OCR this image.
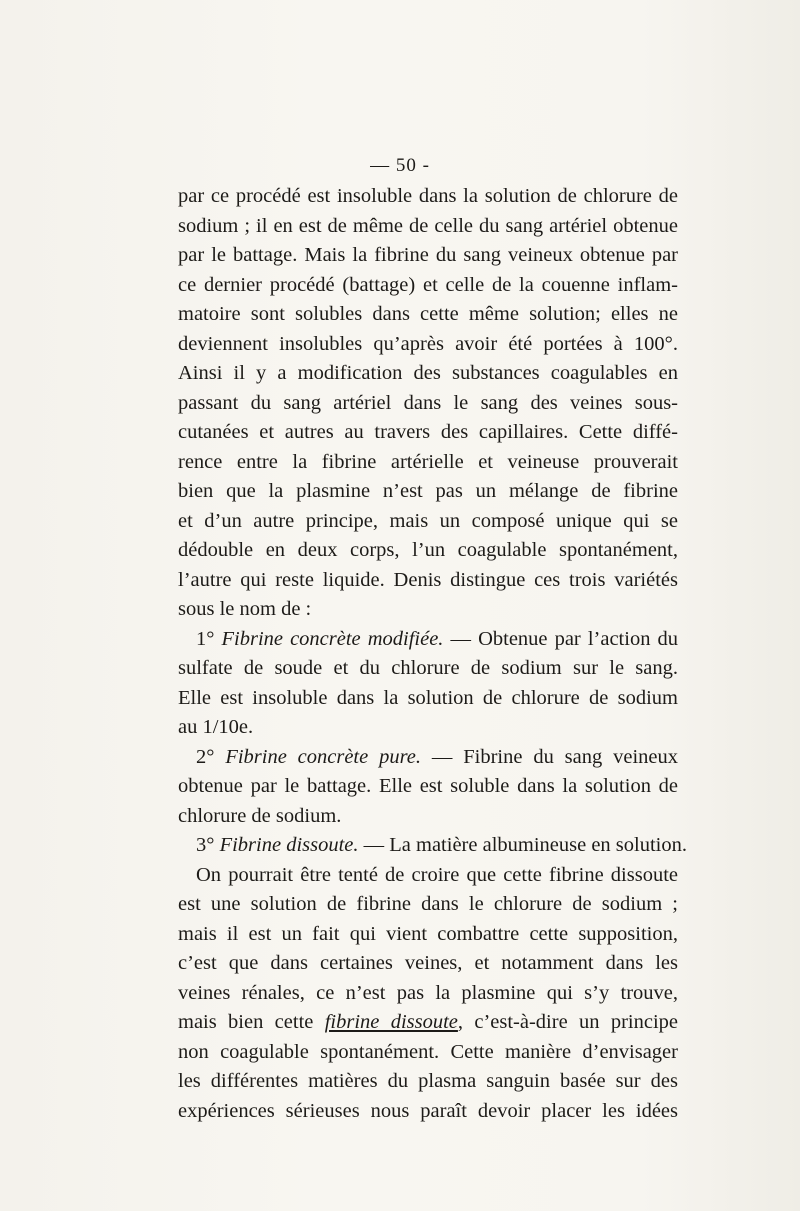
— 50 -
par ce procédé est insoluble dans la solution de chlorure de
sodium ; il en est de même de celle du sang artériel obtenue
par le battage. Mais la fibrine du sang veineux obtenue par
ce dernier procédé (battage) et celle de la couenne inflam-
matoire sont solubles dans cette même solution; elles ne
deviennent insolubles qu’après avoir été portées à 100°.
Ainsi il y a modification des substances coagulables en
passant du sang artériel dans le sang des veines sous-
cutanées et autres au travers des capillaires. Cette diffé-
rence entre la fibrine artérielle et veineuse prouverait
bien que la plasmine n’est pas un mélange de fibrine
et d’un autre principe, mais un composé unique qui se
dédouble en deux corps, l’un coagulable spontanément,
l’autre qui reste liquide. Denis distingue ces trois variétés
sous le nom de :
1° Fibrine concrète modifiée. — Obtenue par l’action du
sulfate de soude et du chlorure de sodium sur le sang.
Elle est insoluble dans la solution de chlorure de sodium
au 1/10e.
2° Fibrine concrète pure. — Fibrine du sang veineux
obtenue par le battage. Elle est soluble dans la solution de
chlorure de sodium.
3° Fibrine dissoute. — La matière albumineuse en solution.
On pourrait être tenté de croire que cette fibrine dissoute
est une solution de fibrine dans le chlorure de sodium ;
mais il est un fait qui vient combattre cette supposition,
c’est que dans certaines veines, et notamment dans les
veines rénales, ce n’est pas la plasmine qui s’y trouve,
mais bien cette fibrine dissoute, c’est-à-dire un principe
non coagulable spontanément. Cette manière d’envisager
les différentes matières du plasma sanguin basée sur des
expériences sérieuses nous paraît devoir placer les idées
